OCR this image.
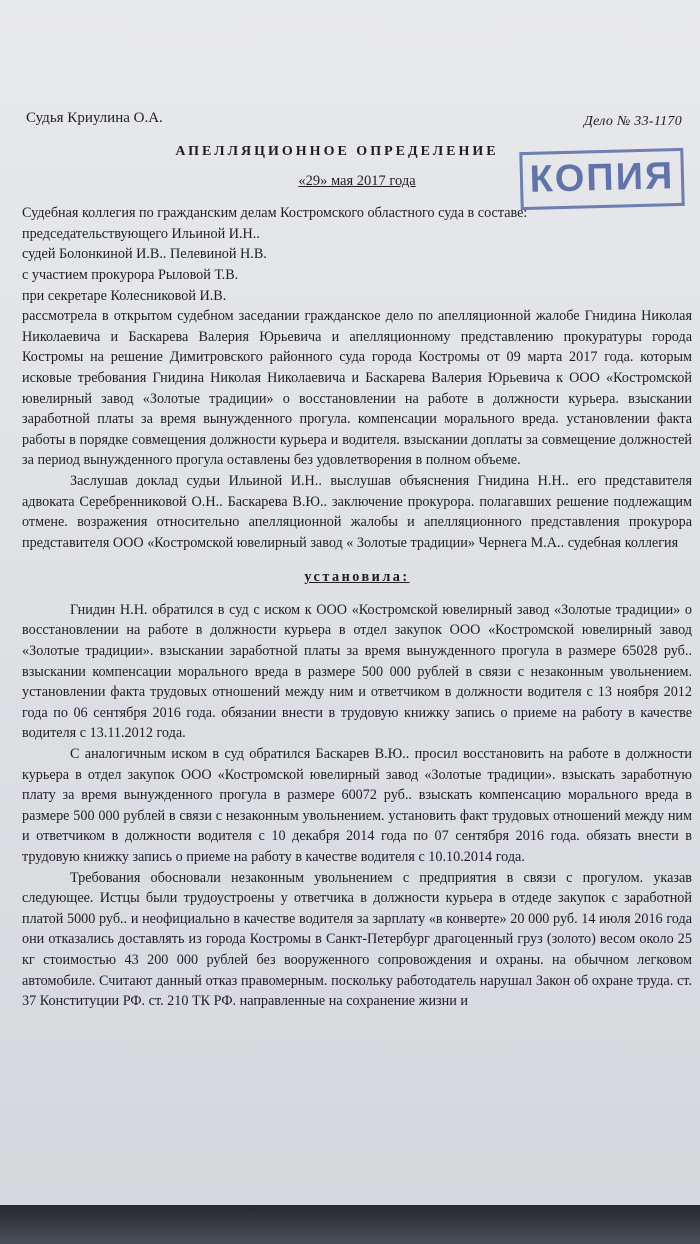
КОПИЯ
Судья Криулина О.А.	Дело № 33-1170
АПЕЛЛЯЦИОННОЕ ОПРЕДЕЛЕНИЕ
«29» мая 2017 года

Судебная коллегия по гражданским делам Костромского областного суда в составе:

председательствующего Ильиной И.Н..

судей Болонкиной И.В.. Пелевиной Н.В.

с участием прокурора Рыловой Т.В.

при секретаре Колесниковой И.В.

рассмотрела в открытом судебном заседании гражданское дело по апелляционной жалобе Гнидина Николая Николаевича и Баскарева Валерия Юрьевича и апелляционному представлению прокуратуры города Костромы на решение Димитровского районного суда города Костромы от 09 марта 2017 года. которым исковые требования Гнидина Николая Николаевича и Баскарева Валерия Юрьевича к ООО «Костромской ювелирный завод «Золотые традиции» о восстановлении на работе в должности курьера. взыскании заработной платы за время вынужденного прогула. компенсации морального вреда. установлении факта работы в порядке совмещения должности курьера и водителя. взыскании доплаты за совмещение должностей за период вынужденного прогула оставлены без удовлетворения в полном объеме.

Заслушав доклад судьи Ильиной И.Н.. выслушав объяснения Гнидина Н.Н.. его представителя адвоката Серебренниковой О.Н.. Баскарева В.Ю.. заключение прокурора. полагавших решение подлежащим отмене. возражения относительно апелляционной жалобы и апелляционного представления прокурора представителя ООО «Костромской ювелирный завод « Золотые традиции» Чернега М.А.. судебная коллегия

установила:

Гнидин Н.Н. обратился в суд с иском к ООО «Костромской ювелирный завод «Золотые традиции» о восстановлении на работе в должности курьера в отдел закупок ООО «Костромской ювелирный завод «Золотые традиции». взыскании заработной платы за время вынужденного прогула в размере 65028 руб.. взыскании компенсации морального вреда в размере 500 000 рублей в связи с незаконным увольнением. установлении факта трудовых отношений между ним и ответчиком в должности водителя с 13 ноября 2012 года по 06 сентября 2016 года. обязании внести в трудовую книжку запись о приеме на работу в качестве водителя с 13.11.2012 года.

С аналогичным иском в суд обратился Баскарев В.Ю.. просил восстановить на работе в должности курьера в отдел закупок ООО «Костромской ювелирный завод «Золотые традиции». взыскать заработную плату за время вынужденного прогула в размере 60072 руб.. взыскать компенсацию морального вреда в размере 500 000 рублей в связи с незаконным увольнением. установить факт трудовых отношений между ним и ответчиком в должности водителя с 10 декабря 2014 года по 07 сентября 2016 года. обязать внести в трудовую книжку запись о приеме на работу в качестве водителя с 10.10.2014 года.

Требования обосновали незаконным увольнением с предприятия в связи с прогулом. указав следующее. Истцы были трудоустроены у ответчика в должности курьера в отдеде закупок с заработной платой 5000 руб.. и неофициально в качестве водителя за зарплату «в конверте» 20 000 руб. 14 июля 2016 года они отказались доставлять из города Костромы в Санкт-Петербург драгоценный груз (золото) весом около 25 кг стоимостью 43 200 000 рублей без вооруженного сопровождения и охраны. на обычном легковом автомобиле. Считают данный отказ правомерным. поскольку работодатель нарушал Закон об охране труда. ст. 37 Конституции РФ. ст. 210 ТК РФ. направленные на сохранение жизни и
